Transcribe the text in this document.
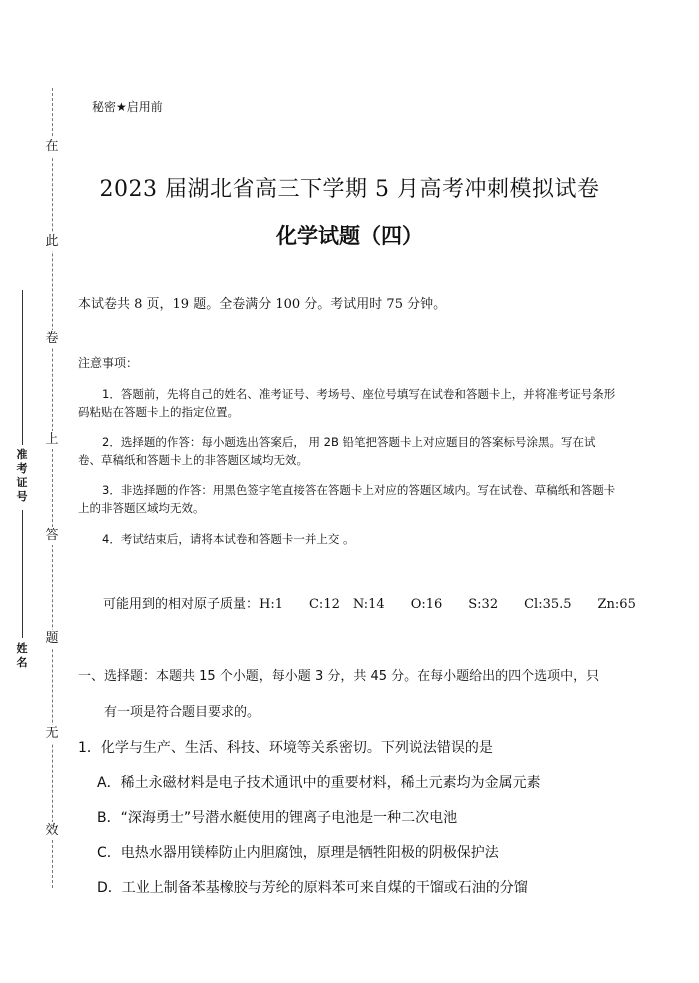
在
此
卷
上
答
题
无
效
准考证号
姓名
秘密★启用前
2023 届湖北省高三下学期 5 月高考冲刺模拟试卷
化学试题（四）
本试卷共 8 页，19 题。全卷满分 100 分。考试用时 75 分钟。
注意事项：
1．答题前，先将自己的姓名、准考证号、考场号、座位号填写在试卷和答题卡上，并将准考证号条形码粘贴在答题卡上的指定位置。
2．选择题的作答：每小题选出答案后， 用 2B 铅笔把答题卡上对应题目的答案标号涂黑。写在试卷、草稿纸和答题卡上的非答题区域均无效。
3．非选择题的作答：用黑色签字笔直接答在答题卡上对应的答题区域内。写在试卷、草稿纸和答题卡上的非答题区域均无效。
4．考试结束后，请将本试卷和答题卡一并上交 。
可能用到的相对原子质量：H:1　　C:12　N:14　　O:16　　S:32　　Cl:35.5　　Zn:65
一、选择题：本题共 15 个小题，每小题 3 分，共 45 分。在每小题给出的四个选项中，只
有一项是符合题目要求的。
1．化学与生产、生活、科技、环境等关系密切。下列说法错误的是
A．稀土永磁材料是电子技术通讯中的重要材料，稀土元素均为金属元素
B．“深海勇士”号潜水艇使用的锂离子电池是一种二次电池
C．电热水器用镁棒防止内胆腐蚀，原理是牺牲阳极的阴极保护法
D．工业上制备苯基橡胶与芳纶的原料苯可来自煤的干馏或石油的分馏
